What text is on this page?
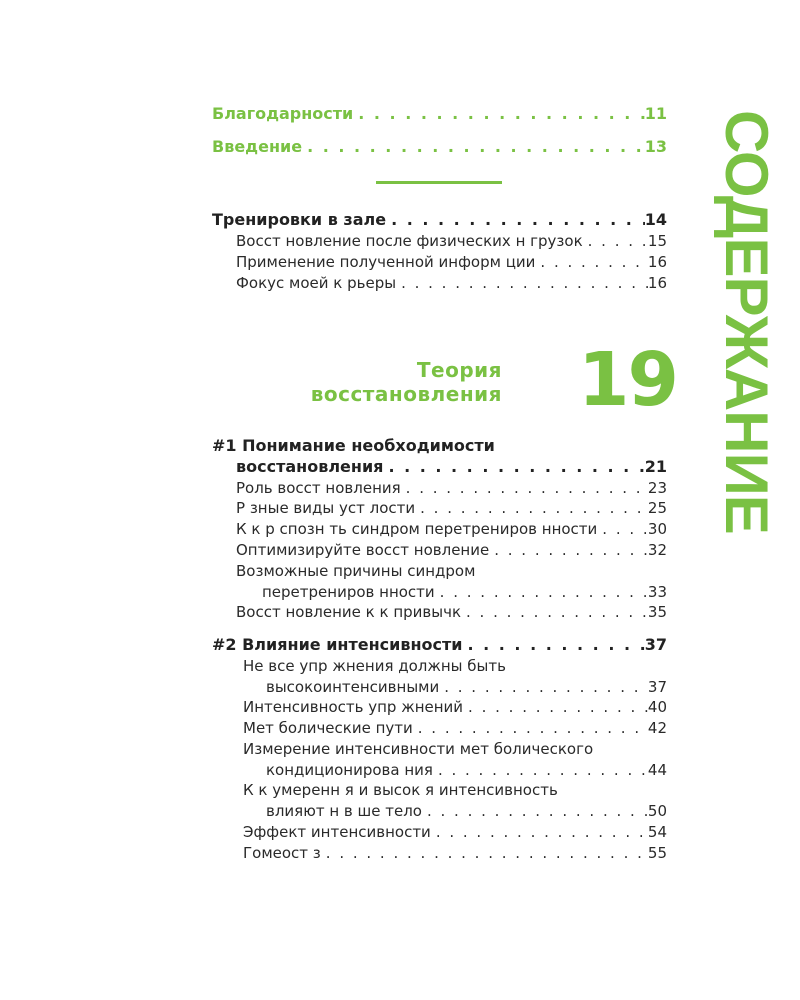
Благодарности . . .	11
Введение . . .	13
Тренировки в зале . . .	14
Восст новление после физических н грузок . . .	15
Применение полученной информ ции . . .	16
Фокус моей к рьеры . . .	16
Теория
восстановления 19
#1 Понимание необходимости
восстановления . . .	21
Роль восст новления . . .	23
Р зные виды уст лости . . .	25
К к р спозн ть синдром перетрениров нности . . .	30
Оптимизируйте восст новление . . .	32
Возможные причины синдром
перетрениров нности . . .	33
Восст новление к к привычк . . .	35
#2 Влияние интенсивности . . .	37
Не все упр жнения должны быть
высокоинтенсивными . . .	37
Интенсивность упр жнений . . .	40
Мет болические пути . . .	42
Измерение интенсивности мет болического
кондиционирова ния . . .	44
К к умеренн я и высок я интенсивность
влияют н в ше тело . . .	50
Эффект интенсивности . . .	54
Гомеост з . . .	55
СОДЕРЖАНИЕ
